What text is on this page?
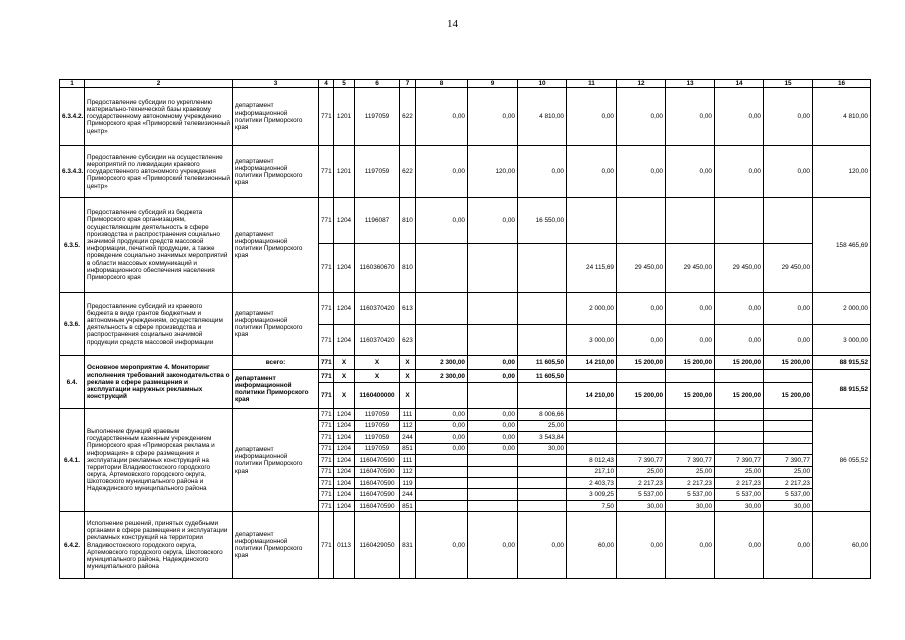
14
1	2	3	4	5	6	7	8	9	10	11	12	13	14	15	16
6.3.4.2.	Предоставление субсидии по укреплению материально-технической базы краевому государственному автономному учреждению Приморского края «Приморский телевизионный центр»	департамент информационной политики Приморского края	771	1201	1197059	622	0,00	0,00	4 810,00	0,00	0,00	0,00	0,00	0,00	4 810,00
6.3.4.3.	Предоставление субсидии на осуществление мероприятий по ликвидации краевого государственного автономного учреждения Приморского края «Приморский телевизионный центр»	департамент информационной политики Приморского края	771	1201	1197059	622	0,00	120,00	0,00	0,00	0,00	0,00	0,00	0,00	120,00
6.3.5.	Предоставление субсидий из бюджета Приморского края организациям, осуществляющим деятельность в сфере производства и распространения социально значимой продукции средств массовой информации, печатной продукции, а также проведение социально значимых мероприятий в области массовых коммуникаций и информационного обеспечения населения Приморского края	департамент информационной политики Приморского края	771	1204	1196087	810	0,00	0,00	16 550,00						158 465,69
			771	1204	1160360670	810				24 115,69	29 450,00	29 450,00	29 450,00	29 450,00	
6.3.6.	Предоставление субсидий из краевого бюджета в виде грантов бюджетным и автономным учреждениям, осуществляющим деятельность в сфере производства и распространения социально значимой продукции средств массовой информации	департамент информационной политики Приморского края	771	1204	1160370420	613				2 000,00	0,00	0,00	0,00	0,00	2 000,00
			771	1204	1160370420	623				3 000,00	0,00	0,00	0,00	0,00	3 000,00
6.4.	Основное мероприятие 4. Мониторинг исполнения требований законодательства о рекламе в сфере размещения и эксплуатации наружных рекламных конструкций	всего:	771	X	X	X	2 300,00	0,00	11 605,50	14 210,00	15 200,00	15 200,00	15 200,00	15 200,00	88 915,52
		департамент информационной политики Приморского края	771	X	X	X	2 300,00	0,00	11 605,50						88 915,52
			771	X	1160400000	X				14 210,00	15 200,00	15 200,00	15 200,00	15 200,00	
6.4.1.	Выполнение функций краевым государственным казенным учреждением Приморского края «Приморская реклама и информация» в сфере размещения и эксплуатации рекламных конструкций на территории Владивостокского городского округа, Артемовского городского округа, Шкотовского муниципального района и Надеждинского муниципального района	департамент информационной политики Приморского края	771	1204	1197059	111	0,00	0,00	8 006,66						86 055,52
			771	1204	1197059	112	0,00	0,00	25,00						
			771	1204	1197059	244	0,00	0,00	3 543,84						
			771	1204	1197059	851	0,00	0,00	30,00						
			771	1204	1160470590	111				8 012,43	7 390,77	7 390,77	7 390,77	7 390,77	
			771	1204	1160470590	112				217,10	25,00	25,00	25,00	25,00	
			771	1204	1160470590	119				2 403,73	2 217,23	2 217,23	2 217,23	2 217,23	
			771	1204	1160470590	244				3 009,25	5 537,00	5 537,00	5 537,00	5 537,00	
			771	1204	1160470590	851				7,50	30,00	30,00	30,00	30,00	
6.4.2.	Исполнение решений, принятых судебными органами в сфере размещения и эксплуатации рекламных конструкций на территории Владивостокского городского округа, Артемовского городского округа, Шкотовского муниципального района, Надеждинского муниципального района	департамент информационной политики Приморского края	771	0113	1160429050	831	0,00	0,00	0,00	60,00	0,00	0,00	0,00	0,00	60,00
